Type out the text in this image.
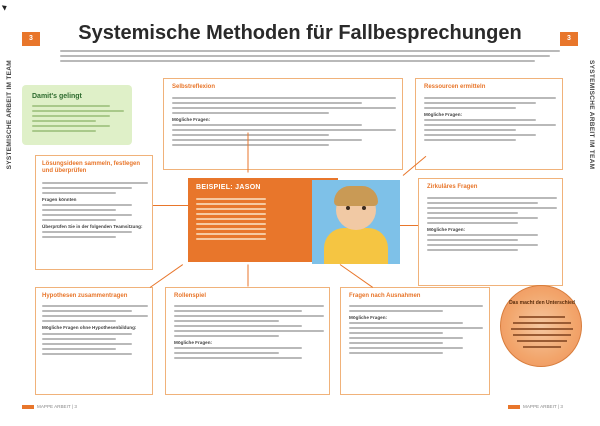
3	3
SYSTEMISCHE ARBEIT IM TEAM	SYSTEMISCHE ARBEIT IM TEAM
Systemische Methoden für Fallbesprechungen
Damit's gelingt
Selbstreflexion
Mögliche Fragen:
Ressourcen ermitteln
Mögliche Fragen:
Lösungsideen sammeln, festlegen und überprüfen
Fragen könnten
Überprüfen Sie in der folgenden Teamsitzung:
Zirkuläres Fragen
Mögliche Fragen:
Hypothesen zusammentragen
Mögliche Fragen ohne Hypothesenbildung:
Rollenspiel
Mögliche Fragen:
Fragen nach Ausnahmen
Mögliche Fragen:
BEISPIEL: JASON
Das macht den Unterschied
MAPPE ARBEIT | 3	MAPPE ARBEIT | 3
